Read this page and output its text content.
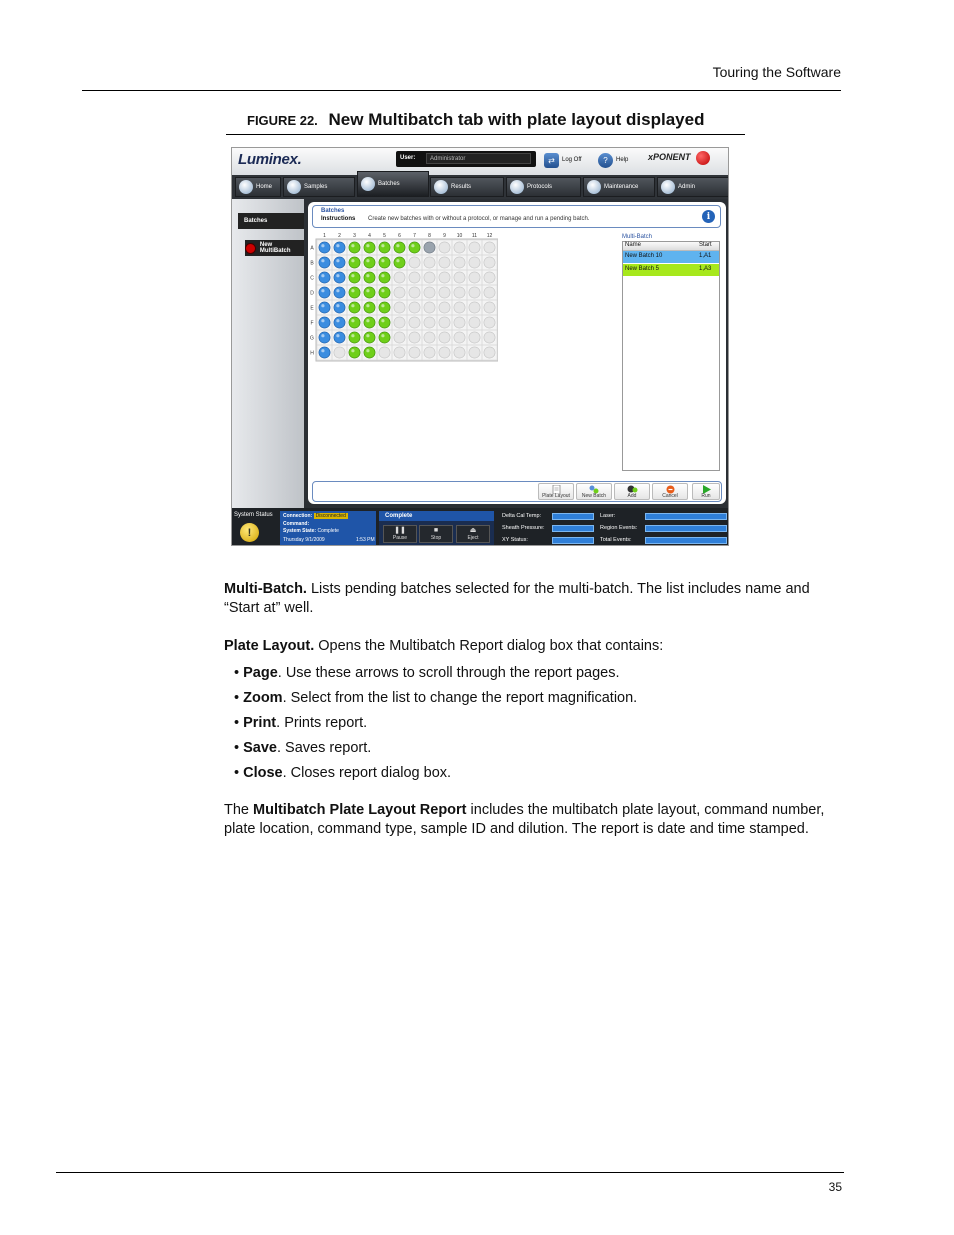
Touring the Software
FIGURE 22. New Multibatch tab with plate layout displayed
Luminex.	User:	Administrator	⇄	Log Off	?	Help xPONENT
Home	Samples	Batches	Results	Protocols	Maintenance	Admin
Batches
New MultiBatch
Batches
Instructions Create new batches with or without a protocol, or manage and run a pending batch.	i
1 2 3 4 5 6 7 8 9 10 11 12
A
B
C
D
E
F
G
H
Multi-Batch
Name	Start
New Batch 10	1,A1
New Batch 5	1,A3
Plate Layout	New Batch	Add	Cancel	Run
System Status
!
Connection: Disconnected
Command:
System State: Complete
Thursday 9/1/2009	1:53 PM
Complete
❚❚
Pause
■
Stop
⏏
Eject
Delta Cal Temp:
Sheath Pressure:
XY Status:
Laser:
Region Events:
Total Events:
Multi-Batch. Lists pending batches selected for the multi-batch. The list includes name and “Start at” well.
Plate Layout. Opens the Multibatch Report dialog box that contains:
• Page. Use these arrows to scroll through the report pages.
• Zoom. Select from the list to change the report magnification.
• Print. Prints report.
• Save. Saves report.
• Close. Closes report dialog box.
The Multibatch Plate Layout Report includes the multibatch plate layout, command number, plate location, command type, sample ID and dilution. The report is date and time stamped.
35
